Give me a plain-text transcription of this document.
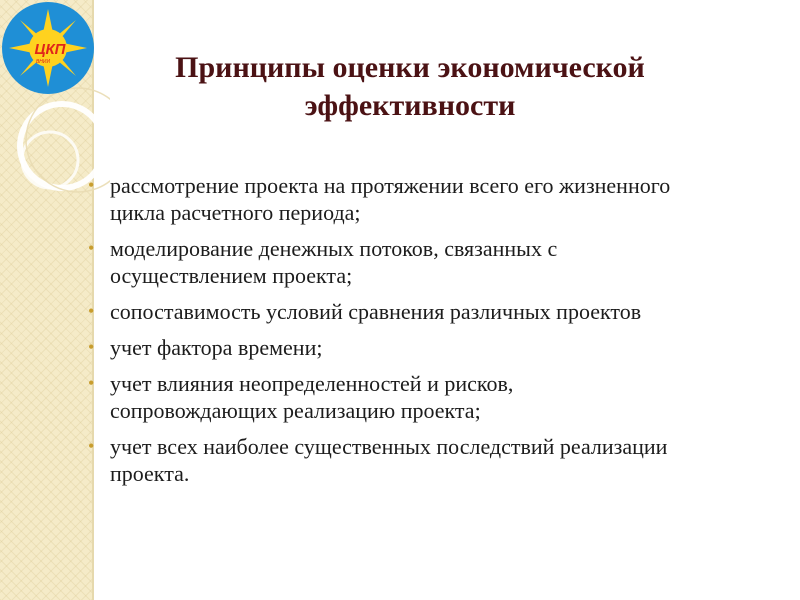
ЦКП
ВНИИ	Принципы оценки экономической
эффективности
• рассмотрение проекта на протяжении всего его жизненного
цикла расчетного периода;
• моделирование денежных потоков, связанных с
осуществлением проекта;
• сопоставимость условий сравнения различных проектов
• учет фактора времени;
• учет влияния неопределенностей и рисков,
сопровождающих реализацию проекта;
• учет всех наиболее существенных последствий реализации
проекта.
